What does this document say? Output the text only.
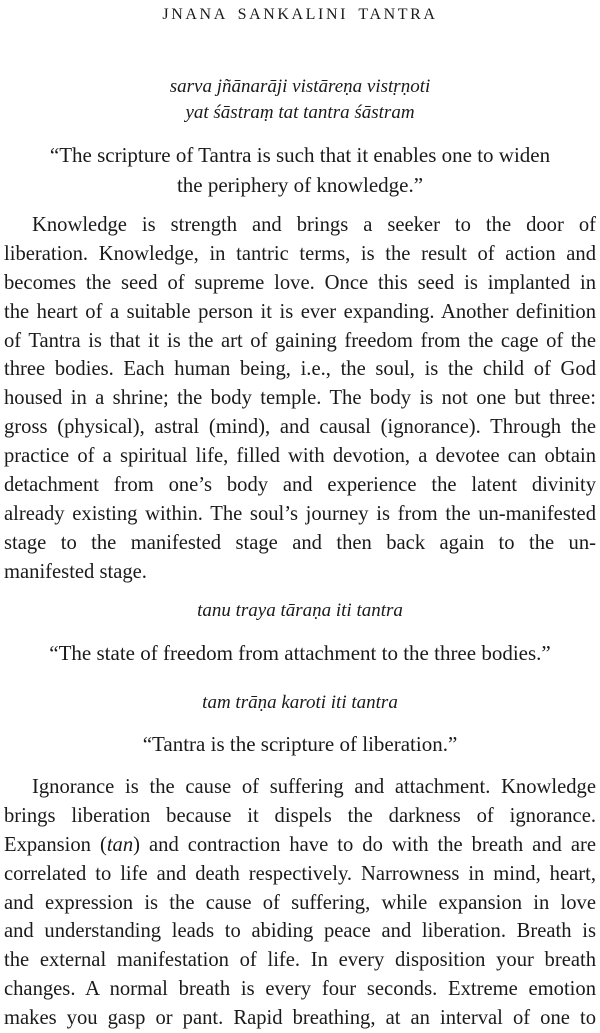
JNANA SANKALINI TANTRA
sarva jñānarāji vistāreṇa vistṛṇoti
yat śāstraṃ tat tantra śāstram
“The scripture of Tantra is such that it enables one to widen
the periphery of knowledge.”
Knowledge is strength and brings a seeker to the door of
liberation. Knowledge, in tantric terms, is the result of action and
becomes the seed of supreme love. Once this seed is implanted in
the heart of a suitable person it is ever expanding. Another definition
of Tantra is that it is the art of gaining freedom from the cage of the
three bodies. Each human being, i.e., the soul, is the child of God
housed in a shrine; the body temple. The body is not one but three:
gross (physical), astral (mind), and causal (ignorance). Through the
practice of a spiritual life, filled with devotion, a devotee can obtain
detachment from one’s body and experience the latent divinity
already existing within. The soul’s journey is from the un-manifested
stage to the manifested stage and then back again to the un-
manifested stage.
tanu traya tāraṇa iti tantra
“The state of freedom from attachment to the three bodies.”
tam trāṇa karoti iti tantra
“Tantra is the scripture of liberation.”
Ignorance is the cause of suffering and attachment. Knowledge
brings liberation because it dispels the darkness of ignorance.
Expansion (tan) and contraction have to do with the breath and are
correlated to life and death respectively. Narrowness in mind, heart,
and expression is the cause of suffering, while expansion in love
and understanding leads to abiding peace and liberation. Breath is
the external manifestation of life. In every disposition your breath
changes. A normal breath is every four seconds. Extreme emotion
makes you gasp or pant. Rapid breathing, at an interval of one to
